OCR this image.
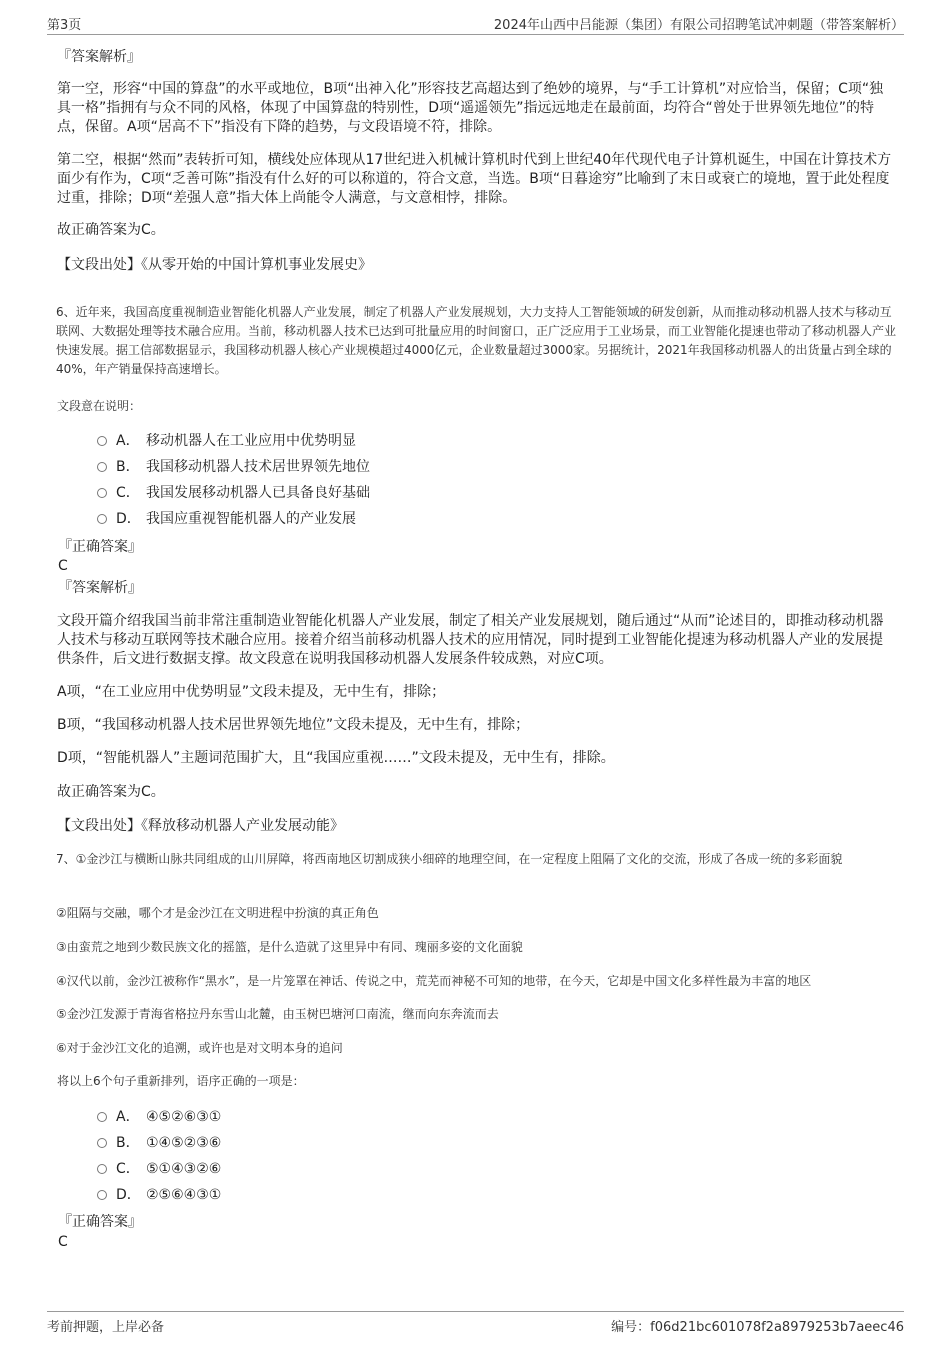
第3页	2024年山西中吕能源（集团）有限公司招聘笔试冲刺题（带答案解析）
『答案解析』

第一空，形容“中国的算盘”的水平或地位，B项“出神入化”形容技艺高超达到了绝妙的境界，与“手工计算机”对应恰当，保留；C项“独具一格”指拥有与众不同的风格，体现了中国算盘的特别性，D项“遥遥领先”指远远地走在最前面，均符合“曾处于世界领先地位”的特点，保留。A项“居高不下”指没有下降的趋势，与文段语境不符，排除。

第二空，根据“然而”表转折可知，横线处应体现从17世纪进入机械计算机时代到上世纪40年代现代电子计算机诞生，中国在计算技术方面少有作为，C项“乏善可陈”指没有什么好的可以称道的，符合文意，当选。B项“日暮途穷”比喻到了末日或衰亡的境地，置于此处程度过重，排除；D项“差强人意”指大体上尚能令人满意，与文意相悖，排除。

故正确答案为C。
【文段出处】《从零开始的中国计算机事业发展史》

6、近年来，我国高度重视制造业智能化机器人产业发展，制定了机器人产业发展规划，大力支持人工智能领域的研发创新，从而推动移动机器人技术与移动互联网、大数据处理等技术融合应用。当前，移动机器人技术已达到可批量应用的时间窗口，正广泛应用于工业场景，而工业智能化提速也带动了移动机器人产业快速发展。据工信部数据显示，我国移动机器人核心产业规模超过4000亿元，企业数量超过3000家。另据统计，2021年我国移动机器人的出货量占到全球的40%，年产销量保持高速增长。

文段意在说明：
A． 移动机器人在工业应用中优势明显
B． 我国移动机器人技术居世界领先地位
C． 我国发展移动机器人已具备良好基础
D． 我国应重视智能机器人的产业发展
『正确答案』
C
『答案解析』

文段开篇介绍我国当前非常注重制造业智能化机器人产业发展，制定了相关产业发展规划，随后通过“从而”论述目的，即推动移动机器人技术与移动互联网等技术融合应用。接着介绍当前移动机器人技术的应用情况，同时提到工业智能化提速为移动机器人产业的发展提供条件，后文进行数据支撑。故文段意在说明我国移动机器人发展条件较成熟，对应C项。

A项，“在工业应用中优势明显”文段未提及，无中生有，排除；
B项，“我国移动机器人技术居世界领先地位”文段未提及，无中生有，排除；
D项，“智能机器人”主题词范围扩大，且“我国应重视……”文段未提及，无中生有，排除。
故正确答案为C。
【文段出处】《释放移动机器人产业发展动能》

7、①金沙江与横断山脉共同组成的山川屏障，将西南地区切割成狭小细碎的地理空间，在一定程度上阻隔了文化的交流，形成了各成一统的多彩面貌

②阻隔与交融，哪个才是金沙江在文明进程中扮演的真正角色
③由蛮荒之地到少数民族文化的摇篮，是什么造就了这里异中有同、瑰丽多姿的文化面貌
④汉代以前，金沙江被称作“黑水”，是一片笼罩在神话、传说之中，荒芜而神秘不可知的地带，在今天，它却是中国文化多样性最为丰富的地区
⑤金沙江发源于青海省格拉丹东雪山北麓，由玉树巴塘河口南流，继而向东奔流而去
⑥对于金沙江文化的追溯，或许也是对文明本身的追问
将以上6个句子重新排列，语序正确的一项是：
A． ④⑤②⑥③①
B． ①④⑤②③⑥
C． ⑤①④③②⑥
D． ②⑤⑥④③①
『正确答案』
C
考前押题，上岸必备	编号：f06d21bc601078f2a8979253b7aeec46
